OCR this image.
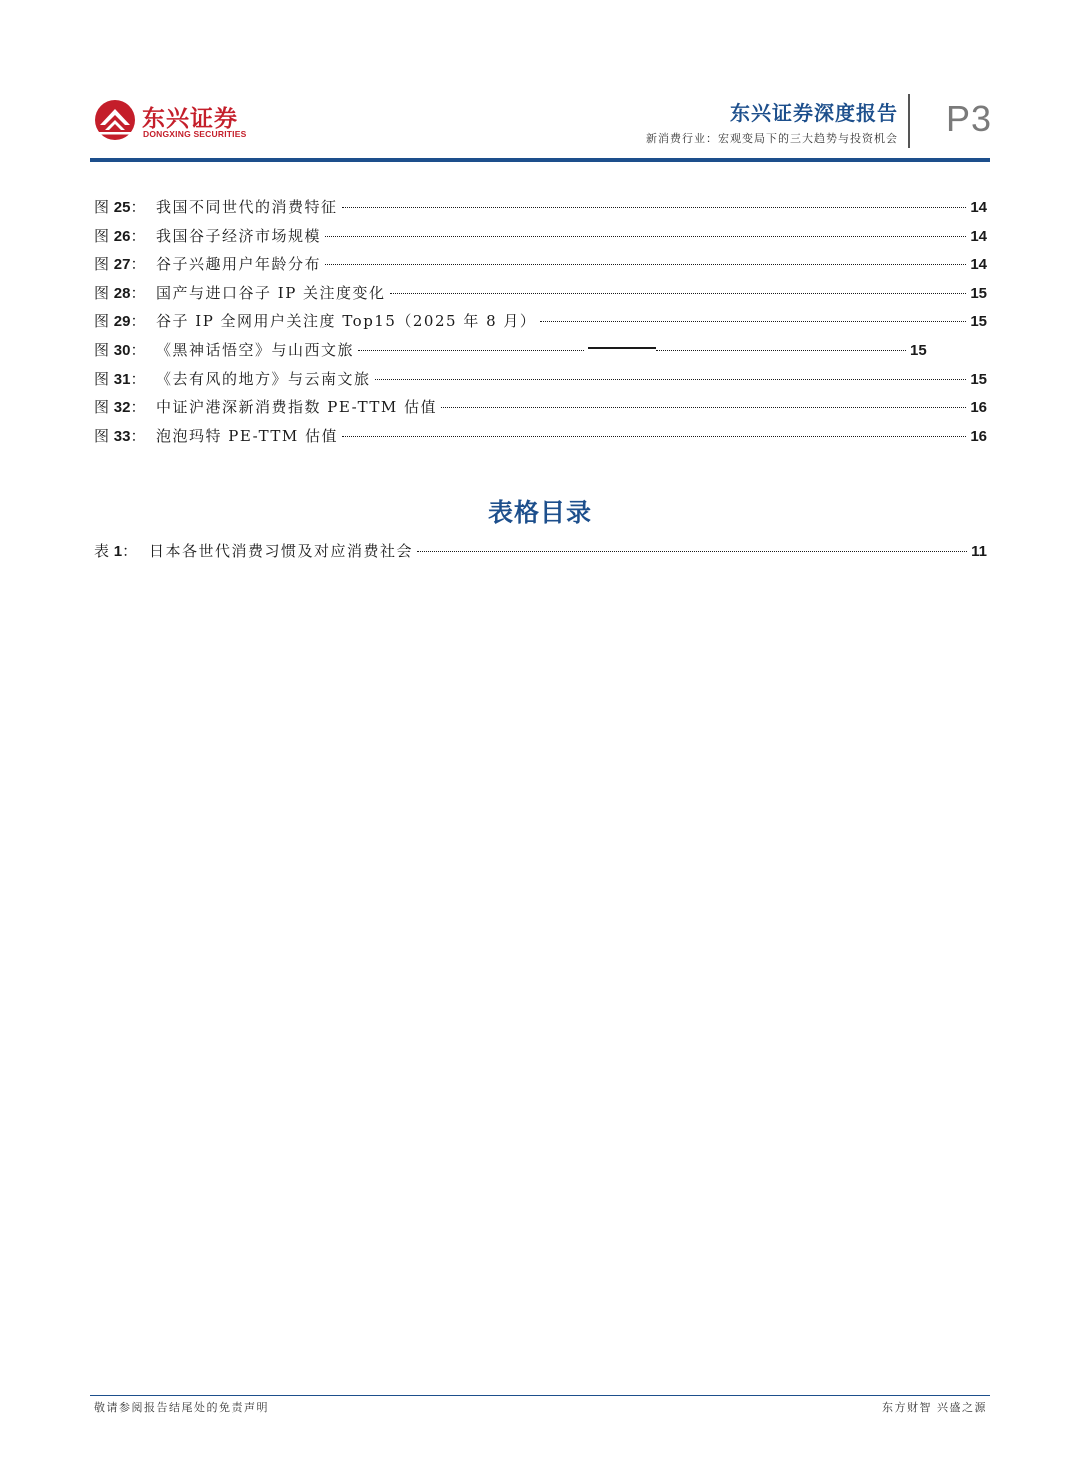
东兴证券
DONGXING SECURITIES
东兴证券深度报告
新消费行业：宏观变局下的三大趋势与投资机会 P3
图 25： 我国不同世代的消费特征	14
图 26： 我国谷子经济市场规模	14
图 27： 谷子兴趣用户年龄分布	14
图 28： 国产与进口谷子 IP 关注度变化	15
图 29： 谷子 IP 全网用户关注度 Top15（2025 年 8 月）	15
图 30： 《黑神话悟空》与山西文旅	15
图 31： 《去有风的地方》与云南文旅	15
图 32： 中证沪港深新消费指数 PE-TTM 估值	16
图 33： 泡泡玛特 PE-TTM 估值	16
表格目录
表 1： 日本各世代消费习惯及对应消费社会	11
敬请参阅报告结尾处的免责声明	东方财智 兴盛之源
